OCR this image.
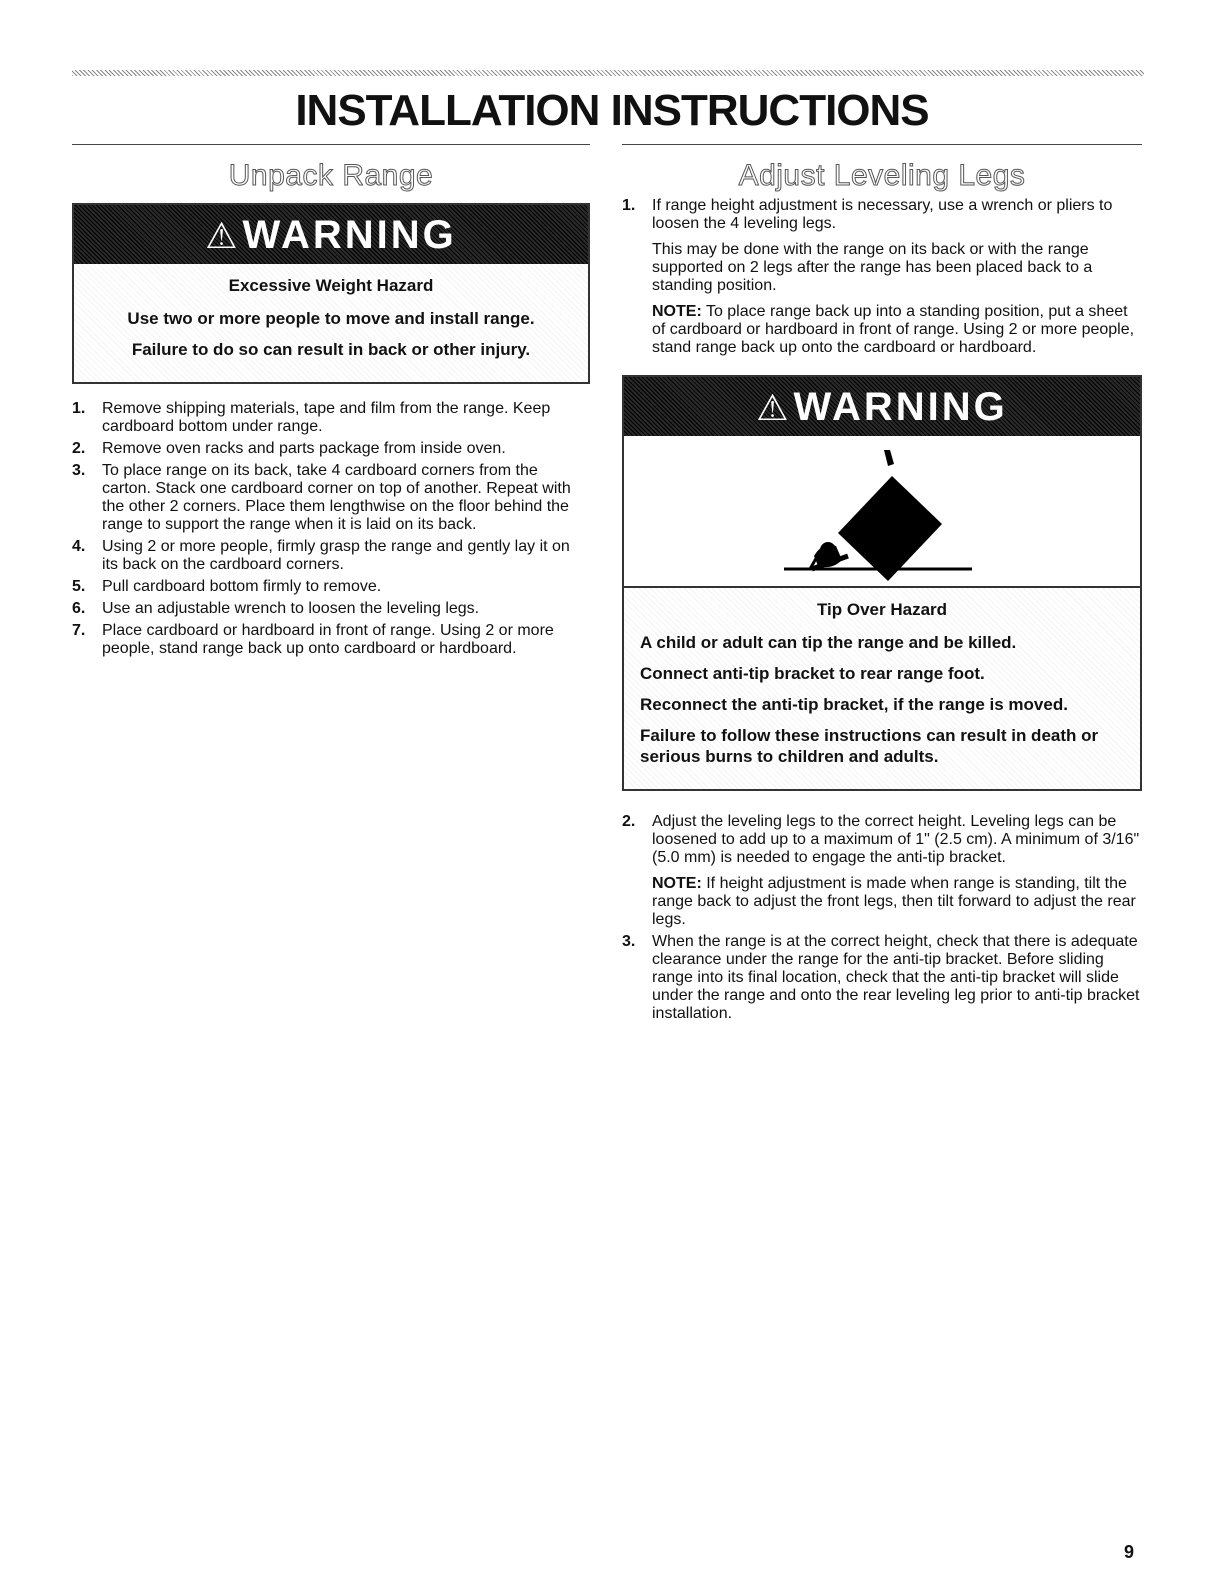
INSTALLATION INSTRUCTIONS
Unpack Range
⚠WARNING

Excessive Weight Hazard

Use two or more people to move and install range.

Failure to do so can result in back or other injury.

1. Remove shipping materials, tape and film from the range. Keep cardboard bottom under range.
2. Remove oven racks and parts package from inside oven.
3. To place range on its back, take 4 cardboard corners from the carton. Stack one cardboard corner on top of another. Repeat with the other 2 corners. Place them lengthwise on the floor behind the range to support the range when it is laid on its back.
4. Using 2 or more people, firmly grasp the range and gently lay it on its back on the cardboard corners.
5. Pull cardboard bottom firmly to remove.
6. Use an adjustable wrench to loosen the leveling legs.
7. Place cardboard or hardboard in front of range. Using 2 or more people, stand range back up onto cardboard or hardboard.
Adjust Leveling Legs
1. If range height adjustment is necessary, use a wrench or pliers to loosen the 4 leveling legs.

This may be done with the range on its back or with the range supported on 2 legs after the range has been placed back to a standing position.

NOTE: To place range back up into a standing position, put a sheet of cardboard or hardboard in front of range. Using 2 or more people, stand range back up onto the cardboard or hardboard.

⚠WARNING

Tip Over Hazard

A child or adult can tip the range and be killed.

Connect anti-tip bracket to rear range foot.

Reconnect the anti-tip bracket, if the range is moved.

Failure to follow these instructions can result in death or serious burns to children and adults.

2. Adjust the leveling legs to the correct height. Leveling legs can be loosened to add up to a maximum of 1" (2.5 cm). A minimum of 3/16" (5.0 mm) is needed to engage the anti-tip bracket.

NOTE: If height adjustment is made when range is standing, tilt the range back to adjust the front legs, then tilt forward to adjust the rear legs.

3. When the range is at the correct height, check that there is adequate clearance under the range for the anti-tip bracket. Before sliding range into its final location, check that the anti-tip bracket will slide under the range and onto the rear leveling leg prior to anti-tip bracket installation.
9
